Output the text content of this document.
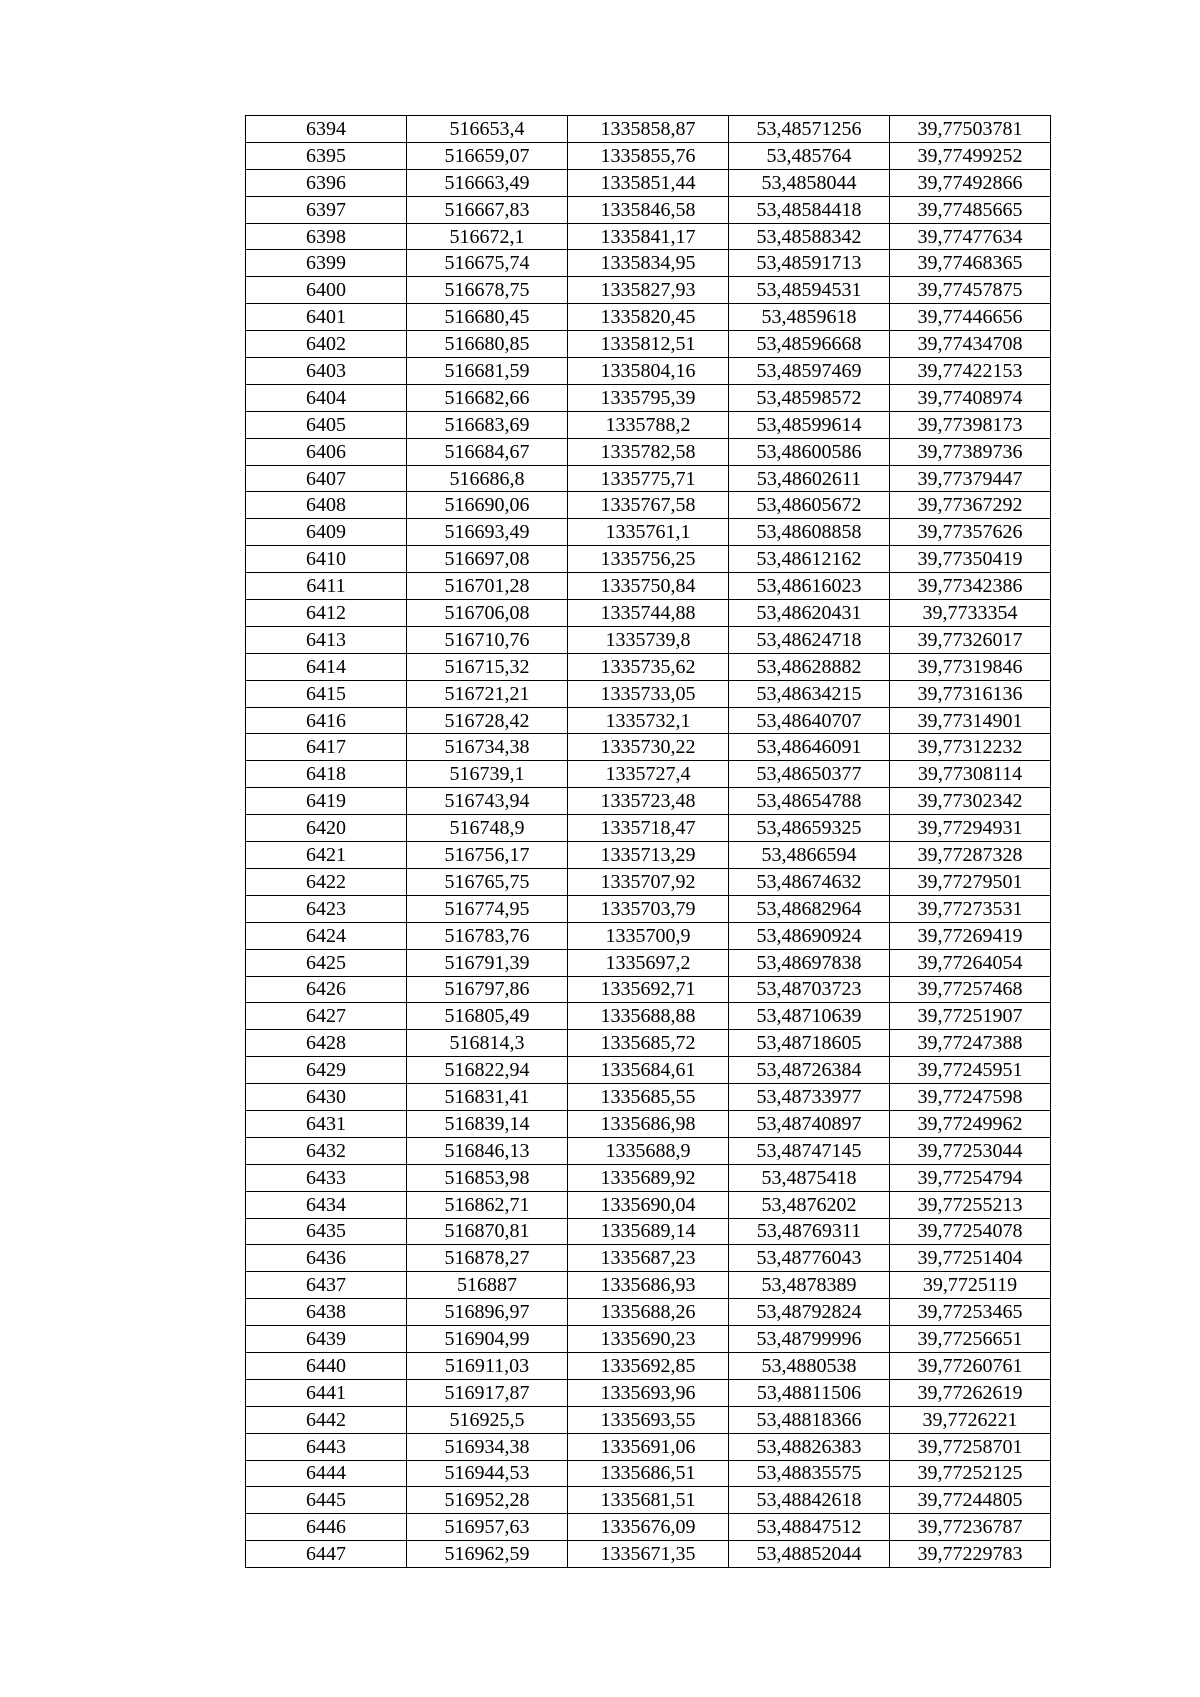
6394	516653,4	1335858,87	53,48571256	39,77503781
6395	516659,07	1335855,76	53,485764	39,77499252
6396	516663,49	1335851,44	53,4858044	39,77492866
6397	516667,83	1335846,58	53,48584418	39,77485665
6398	516672,1	1335841,17	53,48588342	39,77477634
6399	516675,74	1335834,95	53,48591713	39,77468365
6400	516678,75	1335827,93	53,48594531	39,77457875
6401	516680,45	1335820,45	53,4859618	39,77446656
6402	516680,85	1335812,51	53,48596668	39,77434708
6403	516681,59	1335804,16	53,48597469	39,77422153
6404	516682,66	1335795,39	53,48598572	39,77408974
6405	516683,69	1335788,2	53,48599614	39,77398173
6406	516684,67	1335782,58	53,48600586	39,77389736
6407	516686,8	1335775,71	53,48602611	39,77379447
6408	516690,06	1335767,58	53,48605672	39,77367292
6409	516693,49	1335761,1	53,48608858	39,77357626
6410	516697,08	1335756,25	53,48612162	39,77350419
6411	516701,28	1335750,84	53,48616023	39,77342386
6412	516706,08	1335744,88	53,48620431	39,7733354
6413	516710,76	1335739,8	53,48624718	39,77326017
6414	516715,32	1335735,62	53,48628882	39,77319846
6415	516721,21	1335733,05	53,48634215	39,77316136
6416	516728,42	1335732,1	53,48640707	39,77314901
6417	516734,38	1335730,22	53,48646091	39,77312232
6418	516739,1	1335727,4	53,48650377	39,77308114
6419	516743,94	1335723,48	53,48654788	39,77302342
6420	516748,9	1335718,47	53,48659325	39,77294931
6421	516756,17	1335713,29	53,4866594	39,77287328
6422	516765,75	1335707,92	53,48674632	39,77279501
6423	516774,95	1335703,79	53,48682964	39,77273531
6424	516783,76	1335700,9	53,48690924	39,77269419
6425	516791,39	1335697,2	53,48697838	39,77264054
6426	516797,86	1335692,71	53,48703723	39,77257468
6427	516805,49	1335688,88	53,48710639	39,77251907
6428	516814,3	1335685,72	53,48718605	39,77247388
6429	516822,94	1335684,61	53,48726384	39,77245951
6430	516831,41	1335685,55	53,48733977	39,77247598
6431	516839,14	1335686,98	53,48740897	39,77249962
6432	516846,13	1335688,9	53,48747145	39,77253044
6433	516853,98	1335689,92	53,4875418	39,77254794
6434	516862,71	1335690,04	53,4876202	39,77255213
6435	516870,81	1335689,14	53,48769311	39,77254078
6436	516878,27	1335687,23	53,48776043	39,77251404
6437	516887	1335686,93	53,4878389	39,7725119
6438	516896,97	1335688,26	53,48792824	39,77253465
6439	516904,99	1335690,23	53,48799996	39,77256651
6440	516911,03	1335692,85	53,4880538	39,77260761
6441	516917,87	1335693,96	53,48811506	39,77262619
6442	516925,5	1335693,55	53,48818366	39,7726221
6443	516934,38	1335691,06	53,48826383	39,77258701
6444	516944,53	1335686,51	53,48835575	39,77252125
6445	516952,28	1335681,51	53,48842618	39,77244805
6446	516957,63	1335676,09	53,48847512	39,77236787
6447	516962,59	1335671,35	53,48852044	39,77229783
